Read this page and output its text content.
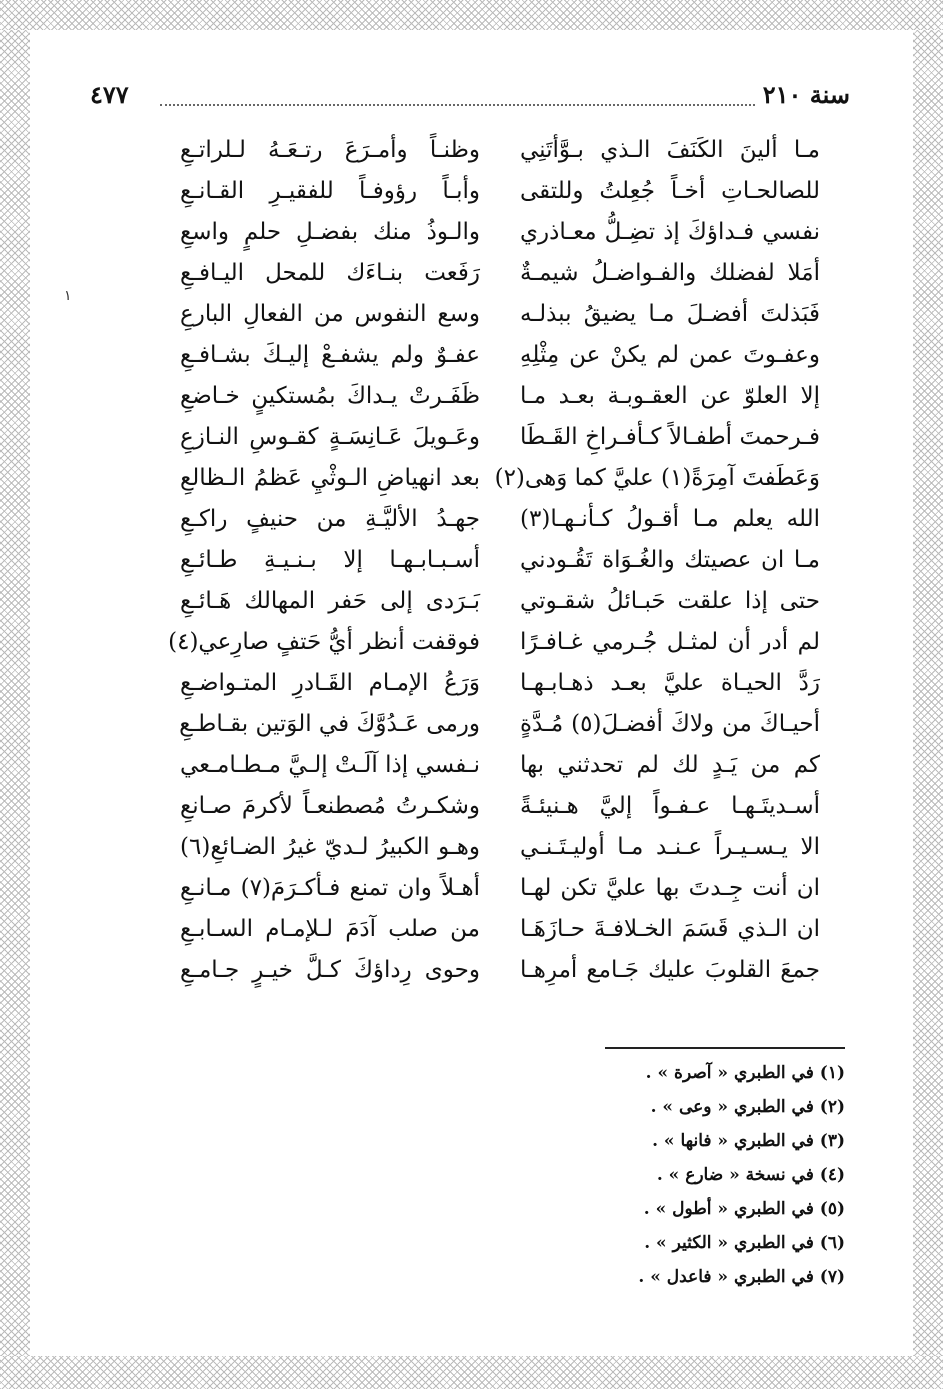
سنة ٢١٠
٤٧٧
١
مـا ألينَ الكَنَفَ الـذي بـوَّأتَنِي
للصالحـاتِ أخـاً جُعِلتُ وللتقى
نفسي فـداؤكَ إذ تضِـلُّ معـاذري
أمَلا لفضلك والفـواضـلُ شيمـةٌ
فَبَذلتَ أفضـلَ مـا يضيقُ ببذلـه
وعفـوتَ عمن لم يكنْ عن مِثْلِهِ
إلا العلوّ عن العقـوبـة بعـد مـا
فـرحمتَ أطفـالاً كـأفـراخِ القَـطَا
وَعَطَفتَ آمِرَةً(١) عليَّ كما وَهى(٢)
الله يعلم مـا أقـولُ كـأنـهـا(٣)
مـا ان عصيتك والغُـوَاة تَقُـودني
حتى إذا علقت حَبـائلُ شقـوتي
لم أدر أن لمثـل جُـرمي غـافـرًا
رَدَّ الحيـاة عليَّ بعـد ذهـابـهـا
أحيـاكَ من ولاكَ أفضـلَ(٥) مُـدَّةٍ
كم من يَـدٍ لك لم تحدثني بها
أسـديتَـهـا عـفـواً إليَّ هـنيئـةً
الا يـسـيـراً عـنـد مـا أوليـتَـنـي
ان أنت جِـدتَ بها عليَّ تكن لهـا
ان الـذي قَسَمَ الخـلافـةَ حـازَهَـا
جمعَ القلوبَ عليك جَـامع أمرِهـا
وظنـاً وأمـرَعَ رتـعَـهُ لـلراتـعِ
وأبـاً رؤوفـاً للفقيـرِ القـانـعِ
والـوذُ منك بفضـلِ حلمٍ واسعِ
رَفَعت بنـاءَك للمحل اليـافـعِ
وسع النفوس من الفعالِ البارعِ
عفـوٌ ولم يشفـعْ إليـكَ بشـافـعِ
ظَفَـرتْ يـداكَ بمُستكينٍ خـاضعِ
وعَـويلَ عَـانِسَـةٍ كقـوسِ النـازعِ
بعد انهياضِ الـوثْيِ عَظمُ الـظالعِ
جهـدُ الأليَّـةِ من حنيفٍ راكـعِ
أسـبـابـهـا إلا بـنـيـةِ طـائـعِ
بَـرَدى إلى حَفر المهالك هَـائـعِ
فوقفت أنظر أيُّ حَتفٍ صارِعي(٤)
وَرَعُ الإمـام القَـادرِ المتـواضـعِ
ورمى عَـدُوَّكَ في الوَتين بقـاطـعِ
نـفسي إذا آلَـتْ إلـيَّ مـطـامـعي
وشكـرتُ مُصطنعـاً لأكرمَ صـانعِ
وهـو الكبيرُ لـديّ غيرُ الضـائعِ(٦)
أهـلاً وان تمنع فـأكـرَمَ(٧) مـانـعِ
من صلب آدَمَ لـلإمـام السـابـعِ
وحوى رِداؤكَ كـلَّ خيـرٍ جـامـعِ
(١) في الطبري « آصرة » .
(٢) في الطبري « وعى » .
(٣) في الطبري « فانها » .
(٤) في نسخة « ضارع » .
(٥) في الطبري « أطول » .
(٦) في الطبري « الكثير » .
(٧) في الطبري « فاعدل » .
